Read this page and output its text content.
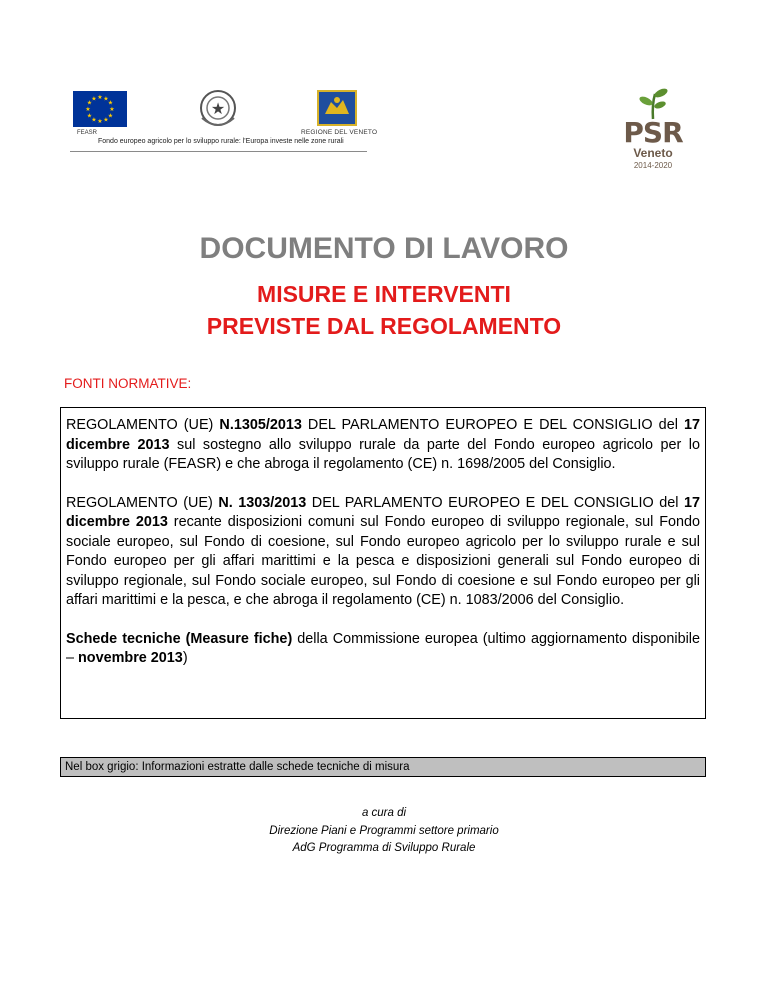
★ ★
★
★
★
★
★
★
★
★
★
★
FEASR
★
REGIONE DEL VENETO
Fondo europeo agricolo per lo sviluppo rurale: l'Europa investe nelle zone rurali	PSR
Veneto
2014-2020
DOCUMENTO DI LAVORO
MISURE E INTERVENTI
PREVISTE DAL REGOLAMENTO
FONTI NORMATIVE:

REGOLAMENTO (UE) N.1305/2013 DEL PARLAMENTO EUROPEO E DEL CONSIGLIO del 17 dicembre 2013 sul sostegno allo sviluppo rurale da parte del Fondo europeo agricolo per lo sviluppo rurale (FEASR) e che abroga il regolamento (CE) n. 1698/2005 del Consiglio.

REGOLAMENTO (UE) N. 1303/2013 DEL PARLAMENTO EUROPEO E DEL CONSIGLIO del 17 dicembre 2013 recante disposizioni comuni sul Fondo europeo di sviluppo regionale, sul Fondo sociale europeo, sul Fondo di coesione, sul Fondo europeo agricolo per lo sviluppo rurale e sul Fondo europeo per gli affari marittimi e la pesca e disposizioni generali sul Fondo europeo di sviluppo regionale, sul Fondo sociale europeo, sul Fondo di coesione e sul Fondo europeo per gli affari marittimi e la pesca, e che abroga il regolamento (CE) n. 1083/2006 del Consiglio.

Schede tecniche (Measure fiche) della Commissione europea (ultimo aggiornamento disponibile – novembre 2013)

Nel box grigio: Informazioni estratte dalle schede tecniche di misura
a cura di
Direzione Piani e Programmi settore primario
AdG Programma di Sviluppo Rurale
